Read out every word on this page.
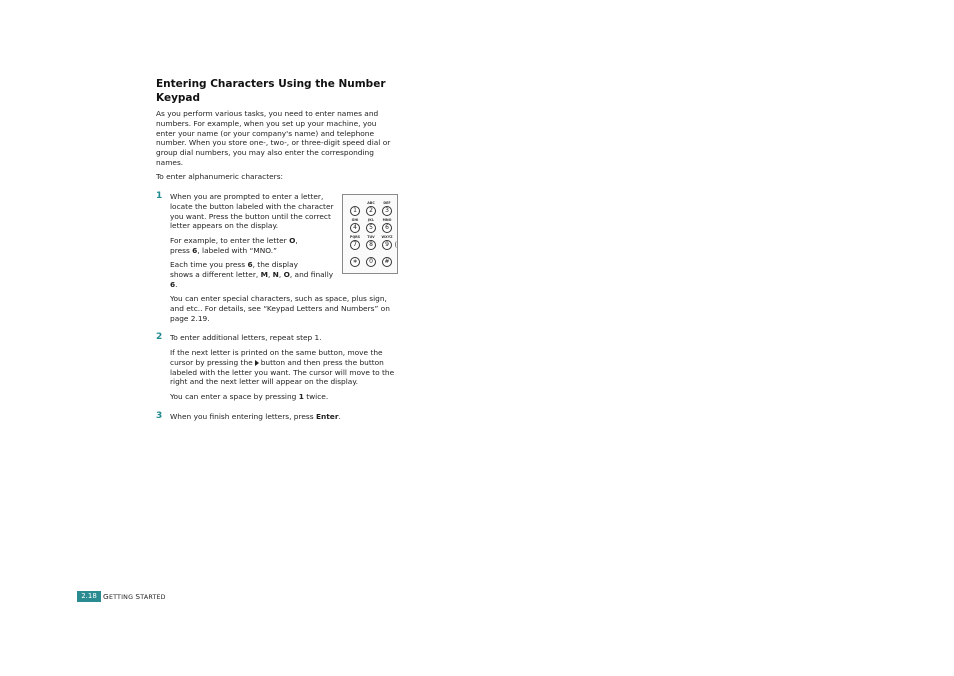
Entering Characters Using the Number
Keypad
As you perform various tasks, you need to enter names and
numbers. For example, when you set up your machine, you
enter your name (or your company's name) and telephone
number. When you store one-, two-, or three-digit speed dial or
group dial numbers, you may also enter the corresponding
names.
To enter alphanumeric characters:
1 When you are prompted to enter a letter,
locate the button labeled with the character
you want. Press the button until the correct
letter appears on the display.
For example, to enter the letter O,
press 6, labeled with “MNO.”
Each time you press 6, the display
shows a different letter, M, N, O, and finally
6.
You can enter special characters, such as space, plus sign,
and etc.. For details, see “Keypad Letters and Numbers” on
page 2.19.
ABC	DEF
1	2	3
GHI	JKL	MNO
4	5	6
PQRS	TUV	WXYZ
7	8	9
∗	0	#
2 To enter additional letters, repeat step 1.
If the next letter is printed on the same button, move the
cursor by pressing the button and then press the button
labeled with the letter you want. The cursor will move to the
right and the next letter will appear on the display.
You can enter a space by pressing 1 twice.
3 When you finish entering letters, press Enter.
2.18 GETTING STARTED
